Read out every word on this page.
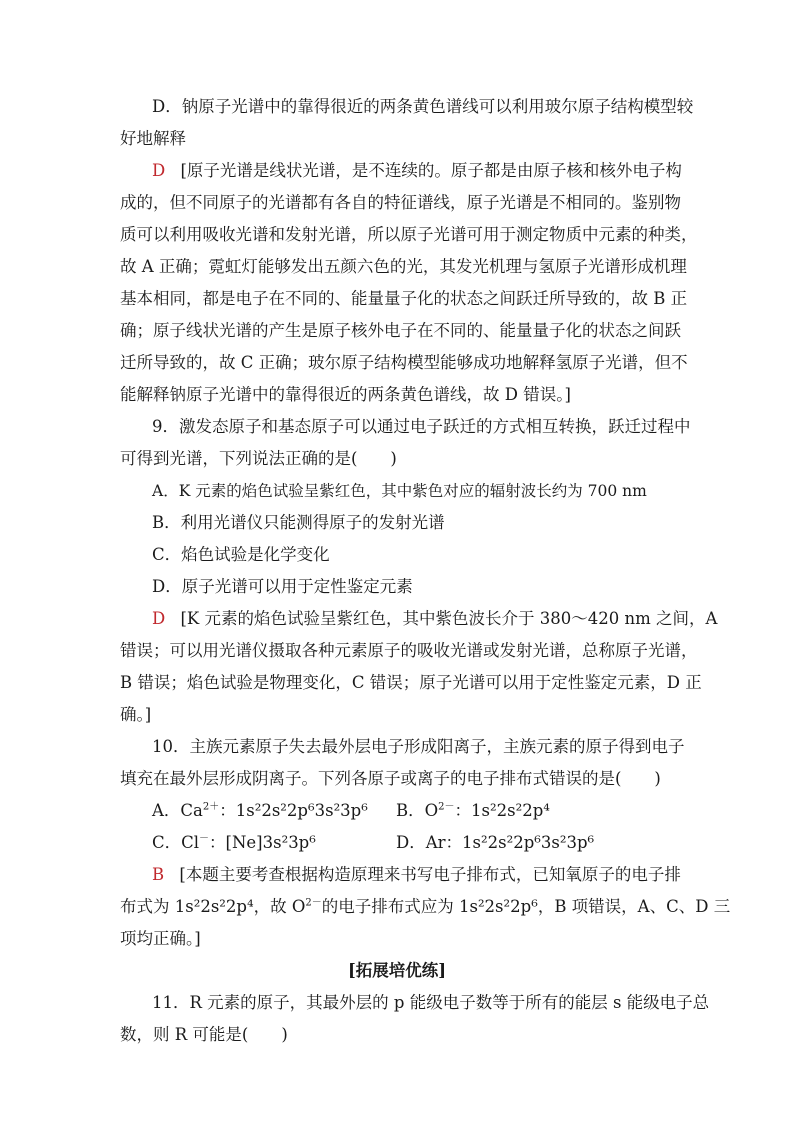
D．钠原子光谱中的靠得很近的两条黄色谱线可以利用玻尔原子结构模型较
好地解释
D [原子光谱是线状光谱，是不连续的。原子都是由原子核和核外电子构
成的，但不同原子的光谱都有各自的特征谱线，原子光谱是不相同的。鉴别物
质可以利用吸收光谱和发射光谱，所以原子光谱可用于测定物质中元素的种类，
故 A 正确；霓虹灯能够发出五颜六色的光，其发光机理与氢原子光谱形成机理
基本相同，都是电子在不同的、能量量子化的状态之间跃迁所导致的，故 B 正
确；原子线状光谱的产生是原子核外电子在不同的、能量量子化的状态之间跃
迁所导致的，故 C 正确；玻尔原子结构模型能够成功地解释氢原子光谱，但不
能解释钠原子光谱中的靠得很近的两条黄色谱线，故 D 错误。]
9．激发态原子和基态原子可以通过电子跃迁的方式相互转换，跃迁过程中
可得到光谱，下列说法正确的是(　　)
A．K 元素的焰色试验呈紫红色，其中紫色对应的辐射波长约为 700 nm
B．利用光谱仪只能测得原子的发射光谱
C．焰色试验是化学变化
D．原子光谱可以用于定性鉴定元素
D [K 元素的焰色试验呈紫红色，其中紫色波长介于 380～420 nm 之间，A
错误；可以用光谱仪摄取各种元素原子的吸收光谱或发射光谱，总称原子光谱，
B 错误；焰色试验是物理变化，C 错误；原子光谱可以用于定性鉴定元素，D 正
确。]
10．主族元素原子失去最外层电子形成阳离子，主族元素的原子得到电子
填充在最外层形成阴离子。下列各原子或离子的电子排布式错误的是(　　)
A．$Ca^{2+}$：1s²2s²2p⁶3s²3p⁶ B．$O^{2-}$：1s²2s²2p⁴
C．Cl－：[Ne]3s²3p⁶	D．Ar：1s²2s²2p⁶3s²3p⁶
B [本题主要考查根据构造原理来书写电子排布式，已知氧原子的电子排
布式为 1s²2s²2p⁴，故 $O^{2-}$的电子排布式应为 1s²2s²2p⁶，B 项错误，A、C、D 三
项均正确。]
[拓展培优练]
11．R 元素的原子，其最外层的 p 能级电子数等于所有的能层 s 能级电子总
数，则 R 可能是(　　)
